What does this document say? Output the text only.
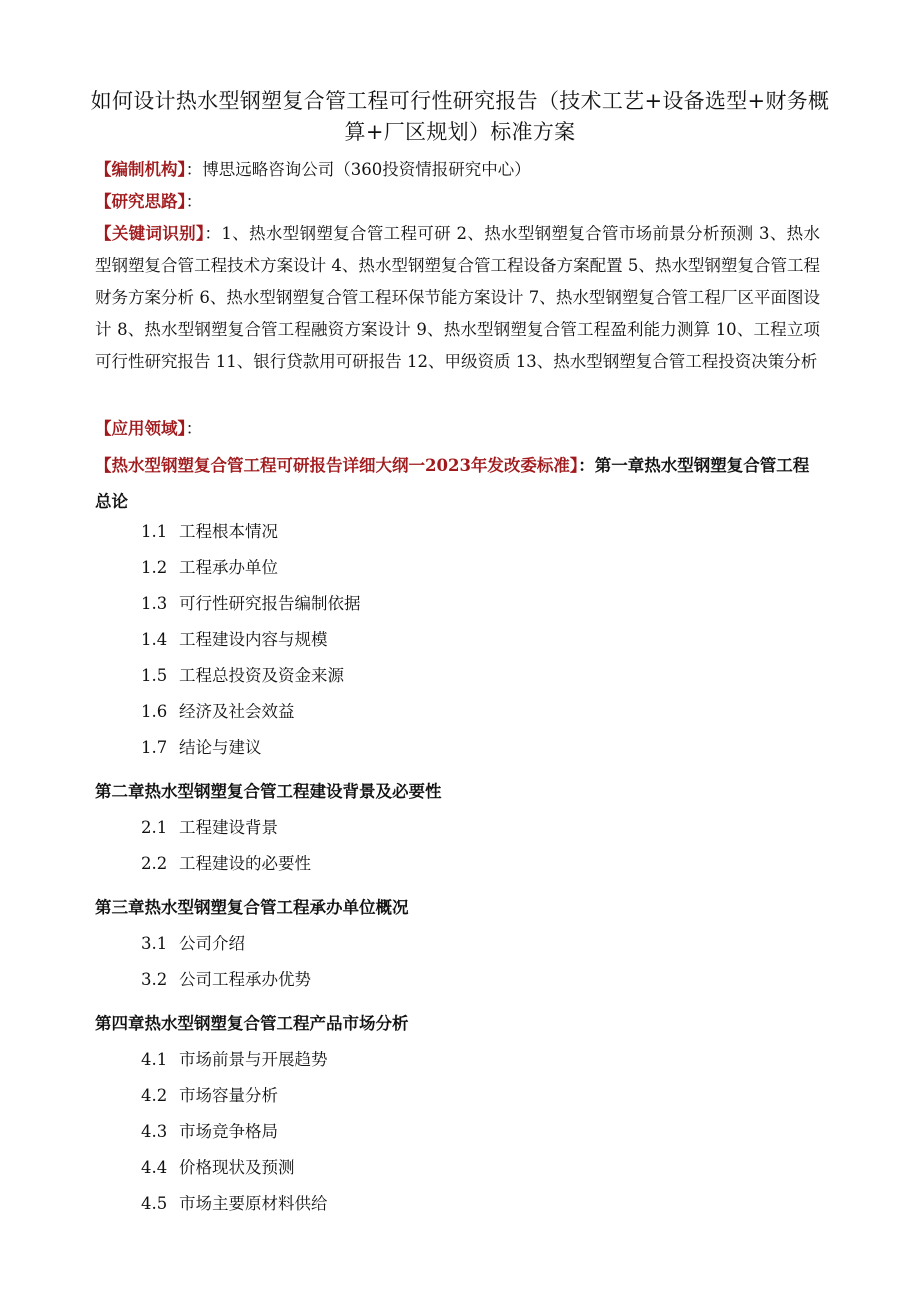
如何设计热水型钢塑复合管工程可行性研究报告（技术工艺+设备选型+财务概算+厂区规划）标准方案
【编制机构】：博思远略咨询公司（360投资情报研究中心）
【研究思路】：
【关键词识别】：1、热水型钢塑复合管工程可研 2、热水型钢塑复合管市场前景分析预测 3、热水型钢塑复合管工程技术方案设计 4、热水型钢塑复合管工程设备方案配置 5、热水型钢塑复合管工程财务方案分析 6、热水型钢塑复合管工程环保节能方案设计 7、热水型钢塑复合管工程厂区平面图设计 8、热水型钢塑复合管工程融资方案设计 9、热水型钢塑复合管工程盈利能力测算 10、工程立项可行性研究报告 11、银行贷款用可研报告 12、甲级资质 13、热水型钢塑复合管工程投资决策分析
【应用领域】：
【热水型钢塑复合管工程可研报告详细大纲一2023年发改委标准】：第一章热水型钢塑复合管工程总论
1.1 工程根本情况
1.2 工程承办单位
1.3 可行性研究报告编制依据
1.4 工程建设内容与规模
1.5 工程总投资及资金来源
1.6 经济及社会效益
1.7 结论与建议
第二章热水型钢塑复合管工程建设背景及必要性
2.1 工程建设背景
2.2 工程建设的必要性
第三章热水型钢塑复合管工程承办单位概况
3.1 公司介绍
3.2 公司工程承办优势
第四章热水型钢塑复合管工程产品市场分析
4.1 市场前景与开展趋势
4.2 市场容量分析
4.3 市场竞争格局
4.4 价格现状及预测
4.5 市场主要原材料供给
